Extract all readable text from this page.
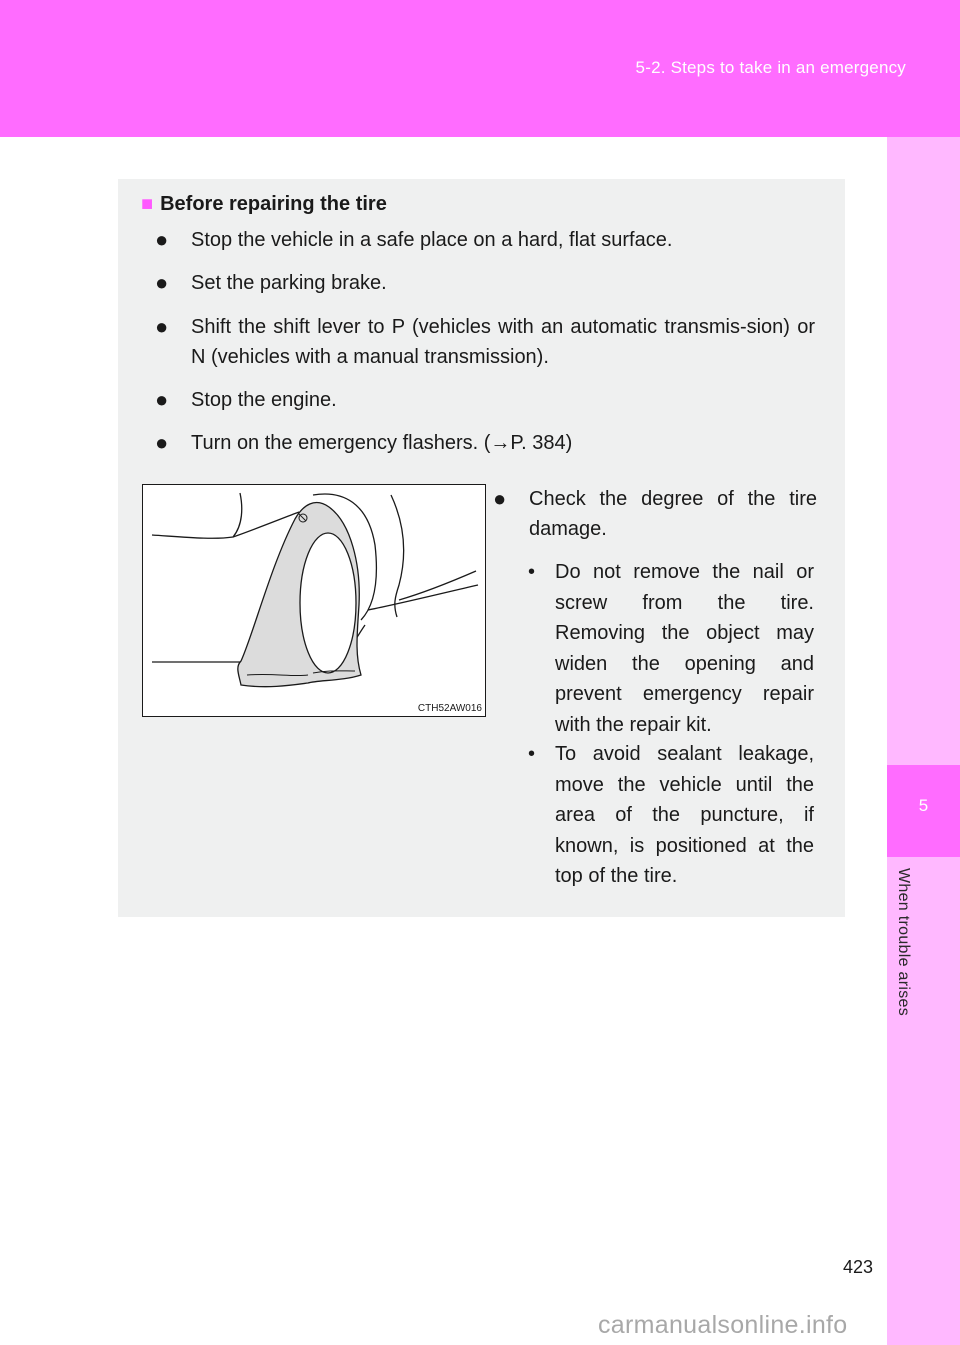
5-2. Steps to take in an emergency
5
When trouble arises
■ Before repairing the tire
●	Stop the vehicle in a safe place on a hard, flat surface.
●	Set the parking brake.
●	Shift the shift lever to P (vehicles with an automatic transmis-sion) or N (vehicles with a manual transmission).
●	Stop the engine.
●	Turn on the emergency flashers. (→P. 384)
CTH52AW016
●	Check the degree of the tire damage.
• Do not remove the nail or screw from the tire. Removing the object may widen the opening and prevent emergency repair with the repair kit.
• To avoid sealant leakage, move the vehicle until the area of the puncture, if known, is positioned at the top of the tire.
423
carmanualsonline.info
